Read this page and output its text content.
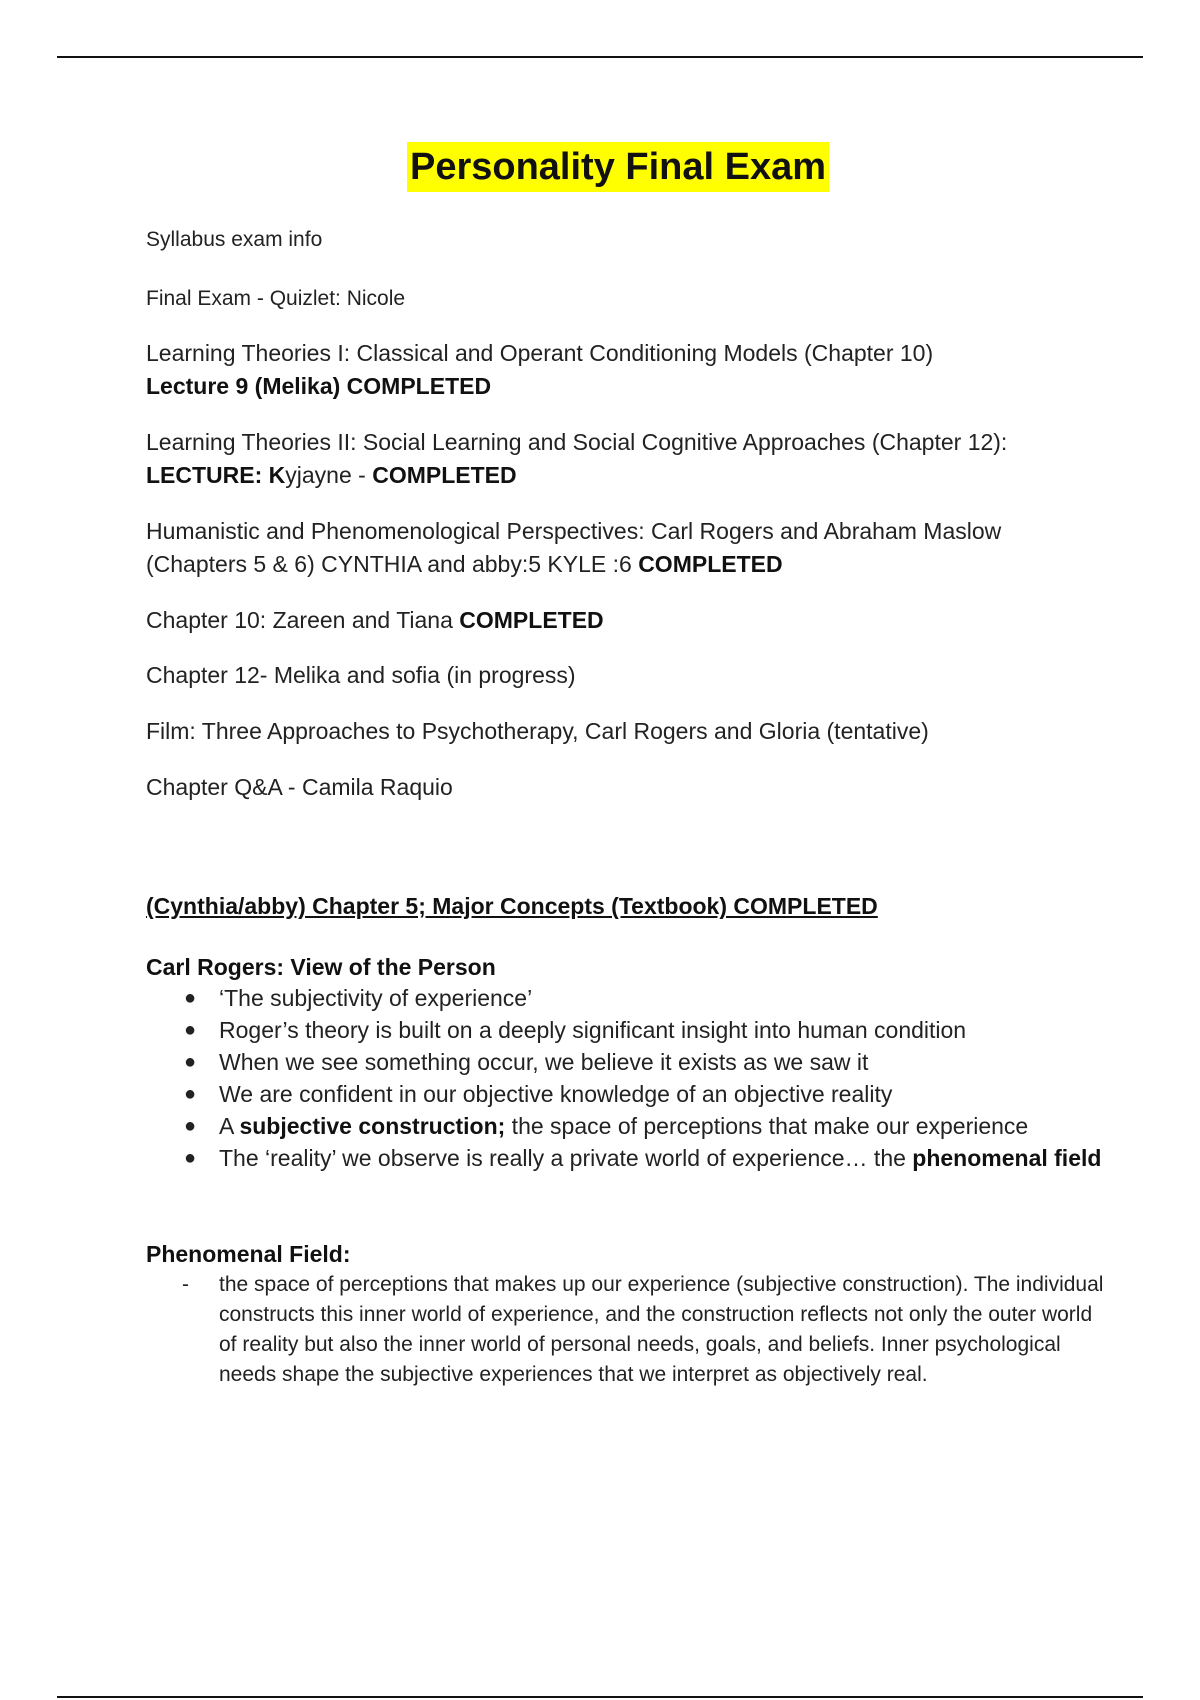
Personality Final Exam
Syllabus exam info
Final Exam - Quizlet: Nicole
Learning Theories I: Classical and Operant Conditioning Models (Chapter 10)
Lecture 9 (Melika) COMPLETED
Learning Theories II: Social Learning and Social Cognitive Approaches (Chapter 12):
LECTURE: Kyjayne - COMPLETED
Humanistic and Phenomenological Perspectives: Carl Rogers and Abraham Maslow
(Chapters 5 & 6) CYNTHIA and abby:5 KYLE :6 COMPLETED
Chapter 10: Zareen and Tiana COMPLETED
Chapter 12- Melika and sofia (in progress)
Film: Three Approaches to Psychotherapy, Carl Rogers and Gloria (tentative)
Chapter Q&A - Camila Raquio
(Cynthia/abby) Chapter 5; Major Concepts (Textbook) COMPLETED
Carl Rogers: View of the Person
● ‘The subjectivity of experience’
● Roger’s theory is built on a deeply significant insight into human condition
● When we see something occur, we believe it exists as we saw it
● We are confident in our objective knowledge of an objective reality
● A subjective construction; the space of perceptions that make our experience
● The ‘reality’ we observe is really a private world of experience… the phenomenal field
Phenomenal Field:
- the space of perceptions that makes up our experience (subjective construction). The individual constructs this inner world of experience, and the construction reflects not only the outer world of reality but also the inner world of personal needs, goals, and beliefs. Inner psychological needs shape the subjective experiences that we interpret as objectively real.
